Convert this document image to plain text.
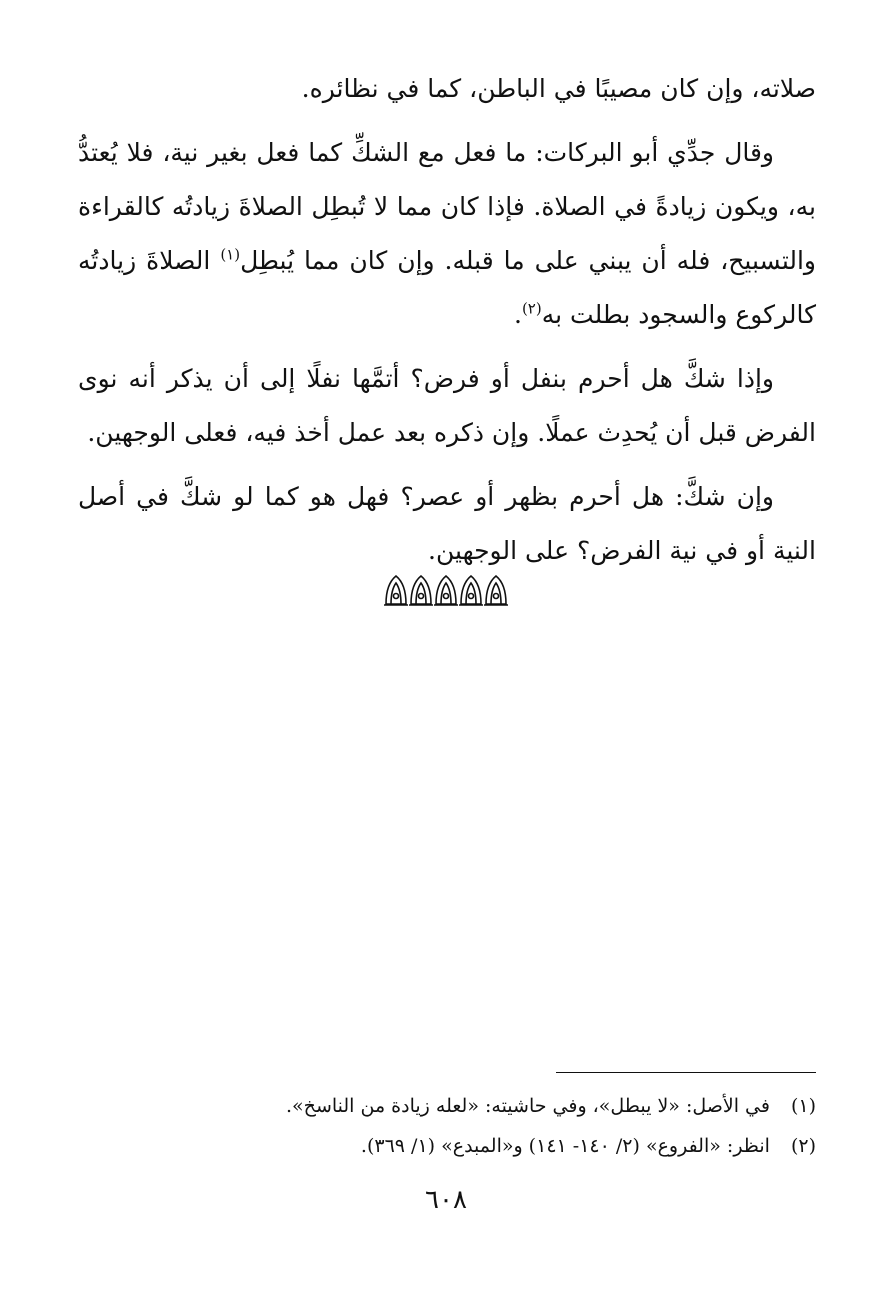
صلاته، وإن كان مصيبًا في الباطن، كما في نظائره.

وقال جدِّي أبو البركات: ما فعل مع الشكِّ كما فعل بغير نية، فلا يُعتدُّ به، ويكون زيادةً في الصلاة. فإذا كان مما لا تُبطِل الصلاةَ زيادتُه كالقراءة والتسبيح، فله أن يبني على ما قبله. وإن كان مما يُبطِل$^{(١)}$ الصلاةَ زيادتُه كالركوع والسجود بطلت به$^{(٢)}$.

وإذا شكَّ هل أحرم بنفل أو فرض؟ أتمَّها نفلًا إلى أن يذكر أنه نوى الفرض قبل أن يُحدِث عملًا. وإن ذكره بعد عمل أخذ فيه، فعلى الوجهين.

وإن شكَّ: هل أحرم بظهر أو عصر؟ فهل هو كما لو شكَّ في أصل النية أو في نية الفرض؟ على الوجهين.

(١) في الأصل: «لا يبطل»، وفي حاشيته: «لعله زيادة من الناسخ».

(٢) انظر: «الفروع» (٢/ ١٤٠- ١٤١) و«المبدع» (١/ ٣٦٩).

٦٠٨
